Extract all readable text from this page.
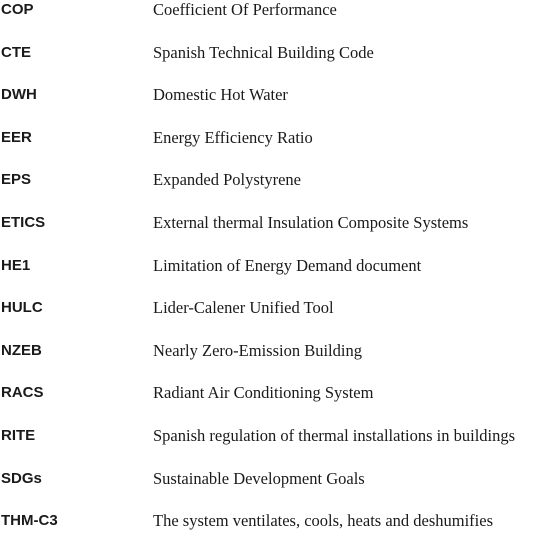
COP	Coefficient Of Performance
CTE	Spanish Technical Building Code
DWH	Domestic Hot Water
EER	Energy Efficiency Ratio
EPS	Expanded Polystyrene
ETICS	External thermal Insulation Composite Systems
HE1	Limitation of Energy Demand document
HULC	Lider-Calener Unified Tool
NZEB	Nearly Zero-Emission Building
RACS	Radiant Air Conditioning System
RITE	Spanish regulation of thermal installations in buildings
SDGs	Sustainable Development Goals
THM-C3	The system ventilates, cools, heats and deshumifies
